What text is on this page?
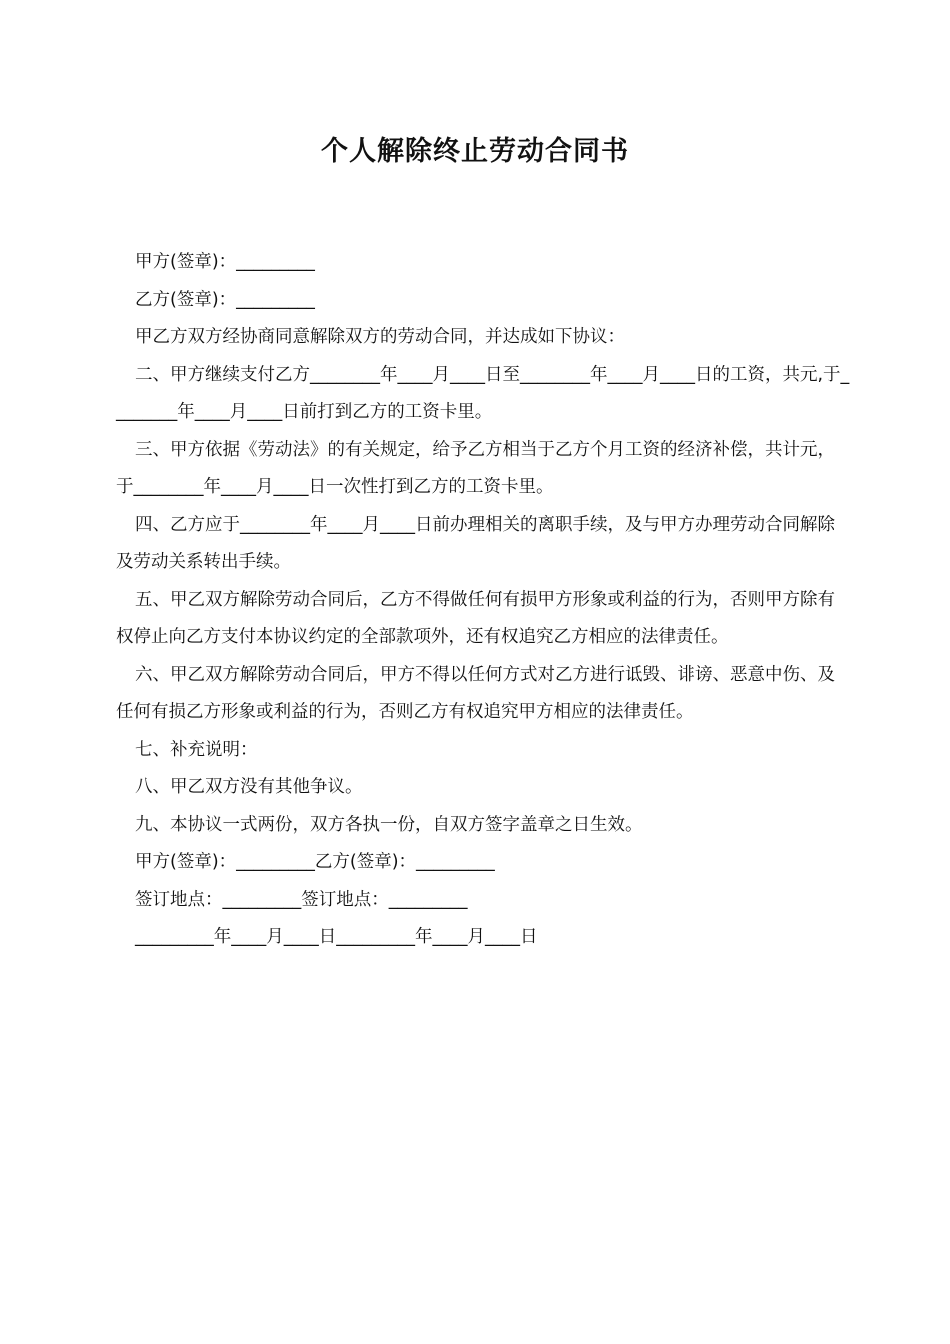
个人解除终止劳动合同书

甲方(签章)：_________

乙方(签章)：_________

甲乙方双方经协商同意解除双方的劳动合同，并达成如下协议：

二、甲方继续支付乙方________年____月____日至________年____月____日的工资，共元,于________年____月____日前打到乙方的工资卡里。

三、甲方依据《劳动法》的有关规定，给予乙方相当于乙方个月工资的经济补偿，共计元，于________年____月____日一次性打到乙方的工资卡里。

四、乙方应于________年____月____日前办理相关的离职手续，及与甲方办理劳动合同解除及劳动关系转出手续。

五、甲乙双方解除劳动合同后，乙方不得做任何有损甲方形象或利益的行为，否则甲方除有权停止向乙方支付本协议约定的全部款项外，还有权追究乙方相应的法律责任。

六、甲乙双方解除劳动合同后，甲方不得以任何方式对乙方进行诋毁、诽谤、恶意中伤、及任何有损乙方形象或利益的行为，否则乙方有权追究甲方相应的法律责任。

七、补充说明：

八、甲乙双方没有其他争议。

九、本协议一式两份，双方各执一份，自双方签字盖章之日生效。

甲方(签章)：_________乙方(签章)：_________

签订地点：_________签订地点：_________

_________年____月____日_________年____月____日
